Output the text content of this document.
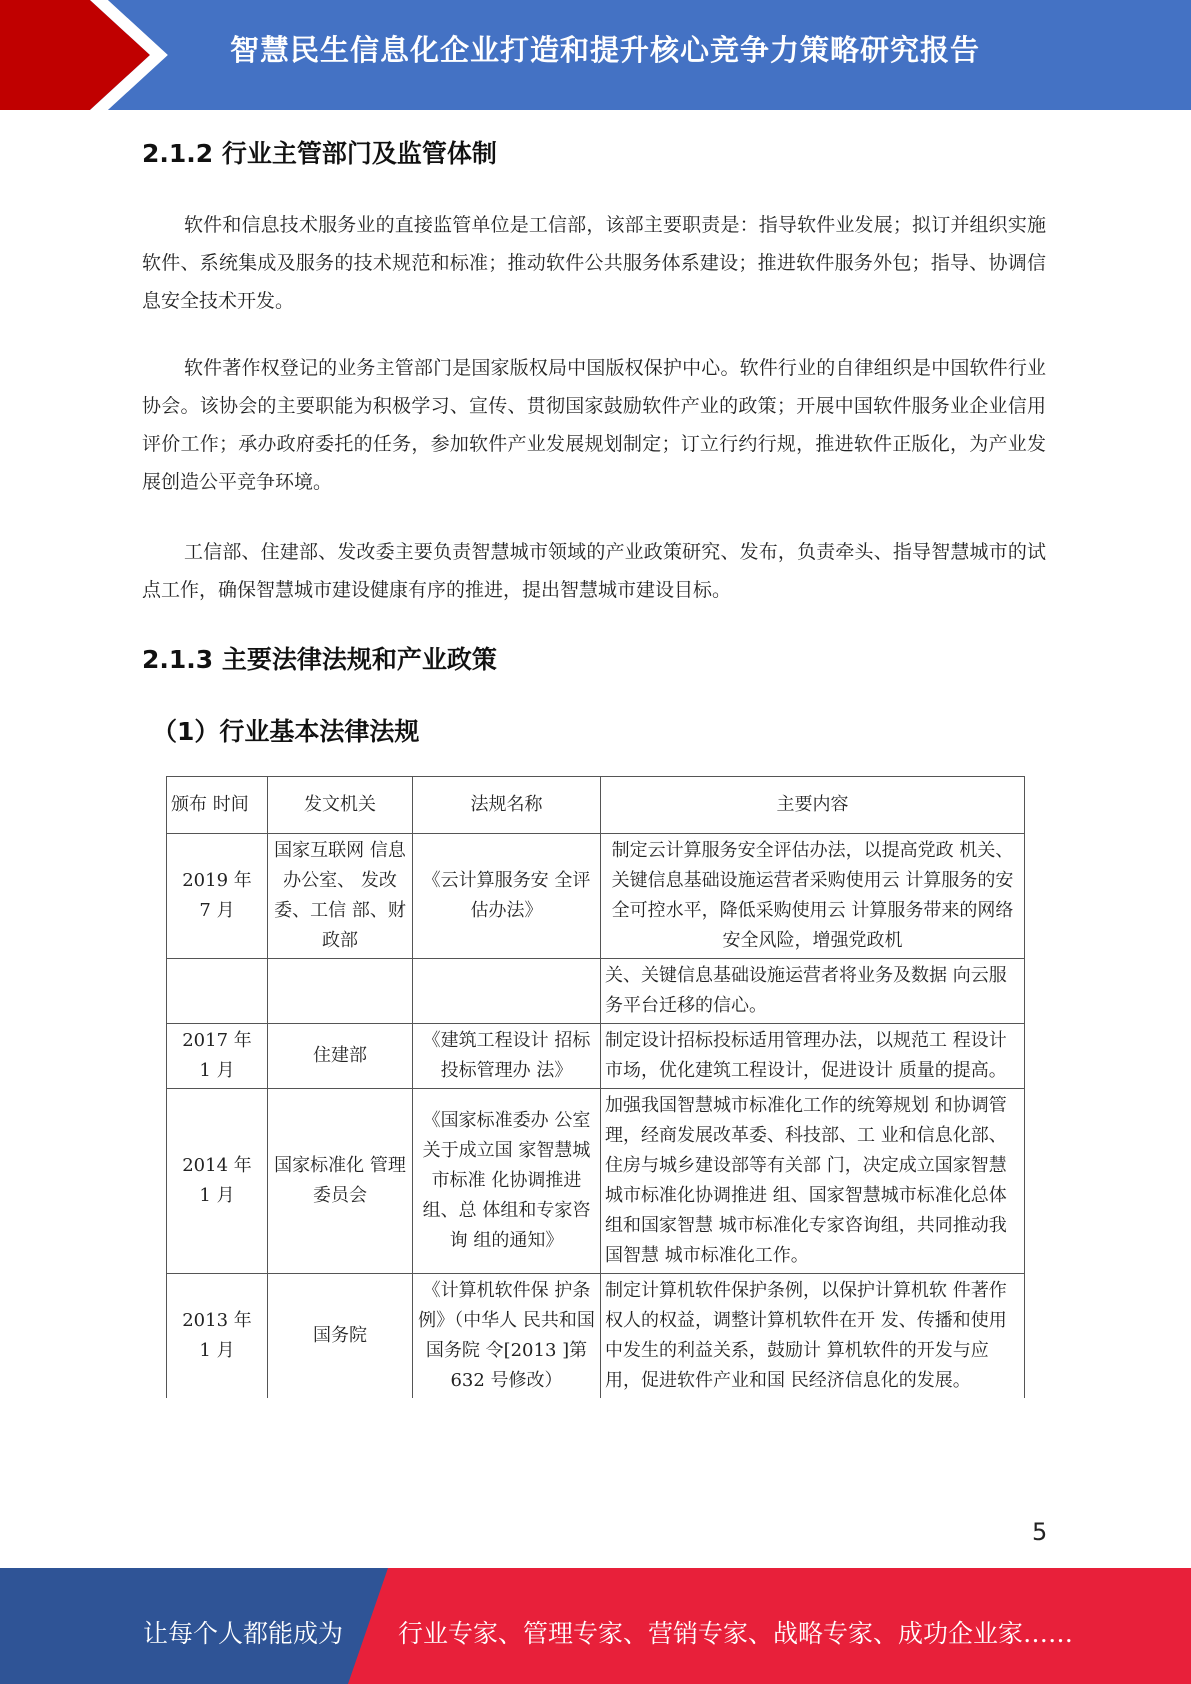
智慧民生信息化企业打造和提升核心竞争力策略研究报告
2.1.2 行业主管部门及监管体制

软件和信息技术服务业的直接监管单位是工信部，该部主要职责是：指导软件业发展；拟订并组织实施软件、系统集成及服务的技术规范和标准；推动软件公共服务体系建设；推进软件服务外包；指导、协调信息安全技术开发。

软件著作权登记的业务主管部门是国家版权局中国版权保护中心。软件行业的自律组织是中国软件行业协会。该协会的主要职能为积极学习、宣传、贯彻国家鼓励软件产业的政策；开展中国软件服务业企业信用评价工作；承办政府委托的任务，参加软件产业发展规划制定；订立行约行规，推进软件正版化，为产业发展创造公平竞争环境。

工信部、住建部、发改委主要负责智慧城市领域的产业政策研究、发布，负责牵头、指导智慧城市的试点工作，确保智慧城市建设健康有序的推进，提出智慧城市建设目标。

2.1.3 主要法律法规和产业政策
（1）行业基本法律法规
颁布 时间	发文机关	法规名称	主要内容
2019 年
7 月	国家互联网 信息办公室、 发改委、工信 部、财政部	《云计算服务安 全评估办法》	制定云计算服务安全评估办法，以提高党政 机关、关键信息基础设施运营者采购使用云 计算服务的安全可控水平，降低采购使用云 计算服务带来的网络安全风险，增强党政机
			关、关键信息基础设施运营者将业务及数据 向云服务平台迁移的信心。
2017 年
1 月	住建部	《建筑工程设计 招标投标管理办 法》	制定设计招标投标适用管理办法，以规范工 程设计市场，优化建筑工程设计，促进设计 质量的提高。
2014 年
1 月	国家标准化 管理委员会	《国家标准委办 公室关于成立国 家智慧城市标准 化协调推进组、总 体组和专家咨询 组的通知》	加强我国智慧城市标准化工作的统筹规划 和协调管理，经商发展改革委、科技部、工 业和信息化部、住房与城乡建设部等有关部 门，决定成立国家智慧城市标准化协调推进 组、国家智慧城市标准化总体组和国家智慧 城市标准化专家咨询组，共同推动我国智慧 城市标准化工作。
2013 年
1 月	国务院	《计算机软件保 护条例》（中华人 民共和国国务院 令[2013 ]第 632 号修改）	制定计算机软件保护条例，以保护计算机软 件著作权人的权益，调整计算机软件在开 发、传播和使用中发生的利益关系，鼓励计 算机软件的开发与应用，促进软件产业和国 民经济信息化的发展。
5
让每个人都能成为 行业专家、管理专家、营销专家、战略专家、成功企业家……
